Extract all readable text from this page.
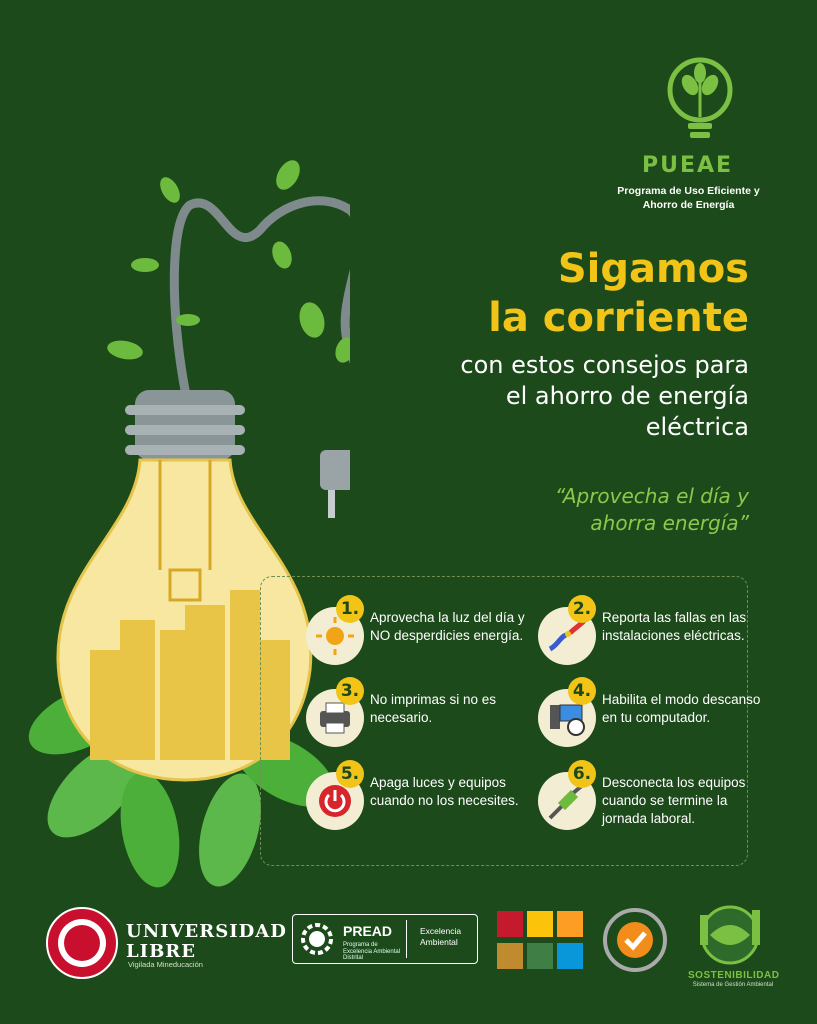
PUEAE
Programa de Uso Eficiente y
Ahorro de Energía
Sigamos
la corriente
con estos consejos para
el ahorro de energía
eléctrica
“Aprovecha el día y
ahorra energía”
1. Aprovecha la luz del día y NO desperdicies energía.
2. Reporta las fallas en las instalaciones eléctricas.
3. No imprimas si no es necesario.
4. Habilita el modo descanso en tu computador.
5. Apaga luces y equipos cuando no los necesites.
6. Desconecta los equipos cuando se termine la jornada laboral.
UNIVERSIDAD
LIBRE
Vigilada Mineducación
PREAD
Programa de Excelencia Ambiental Distrital
Excelencia
Ambiental
SOSTENIBILIDAD
Sistema de Gestión Ambiental
